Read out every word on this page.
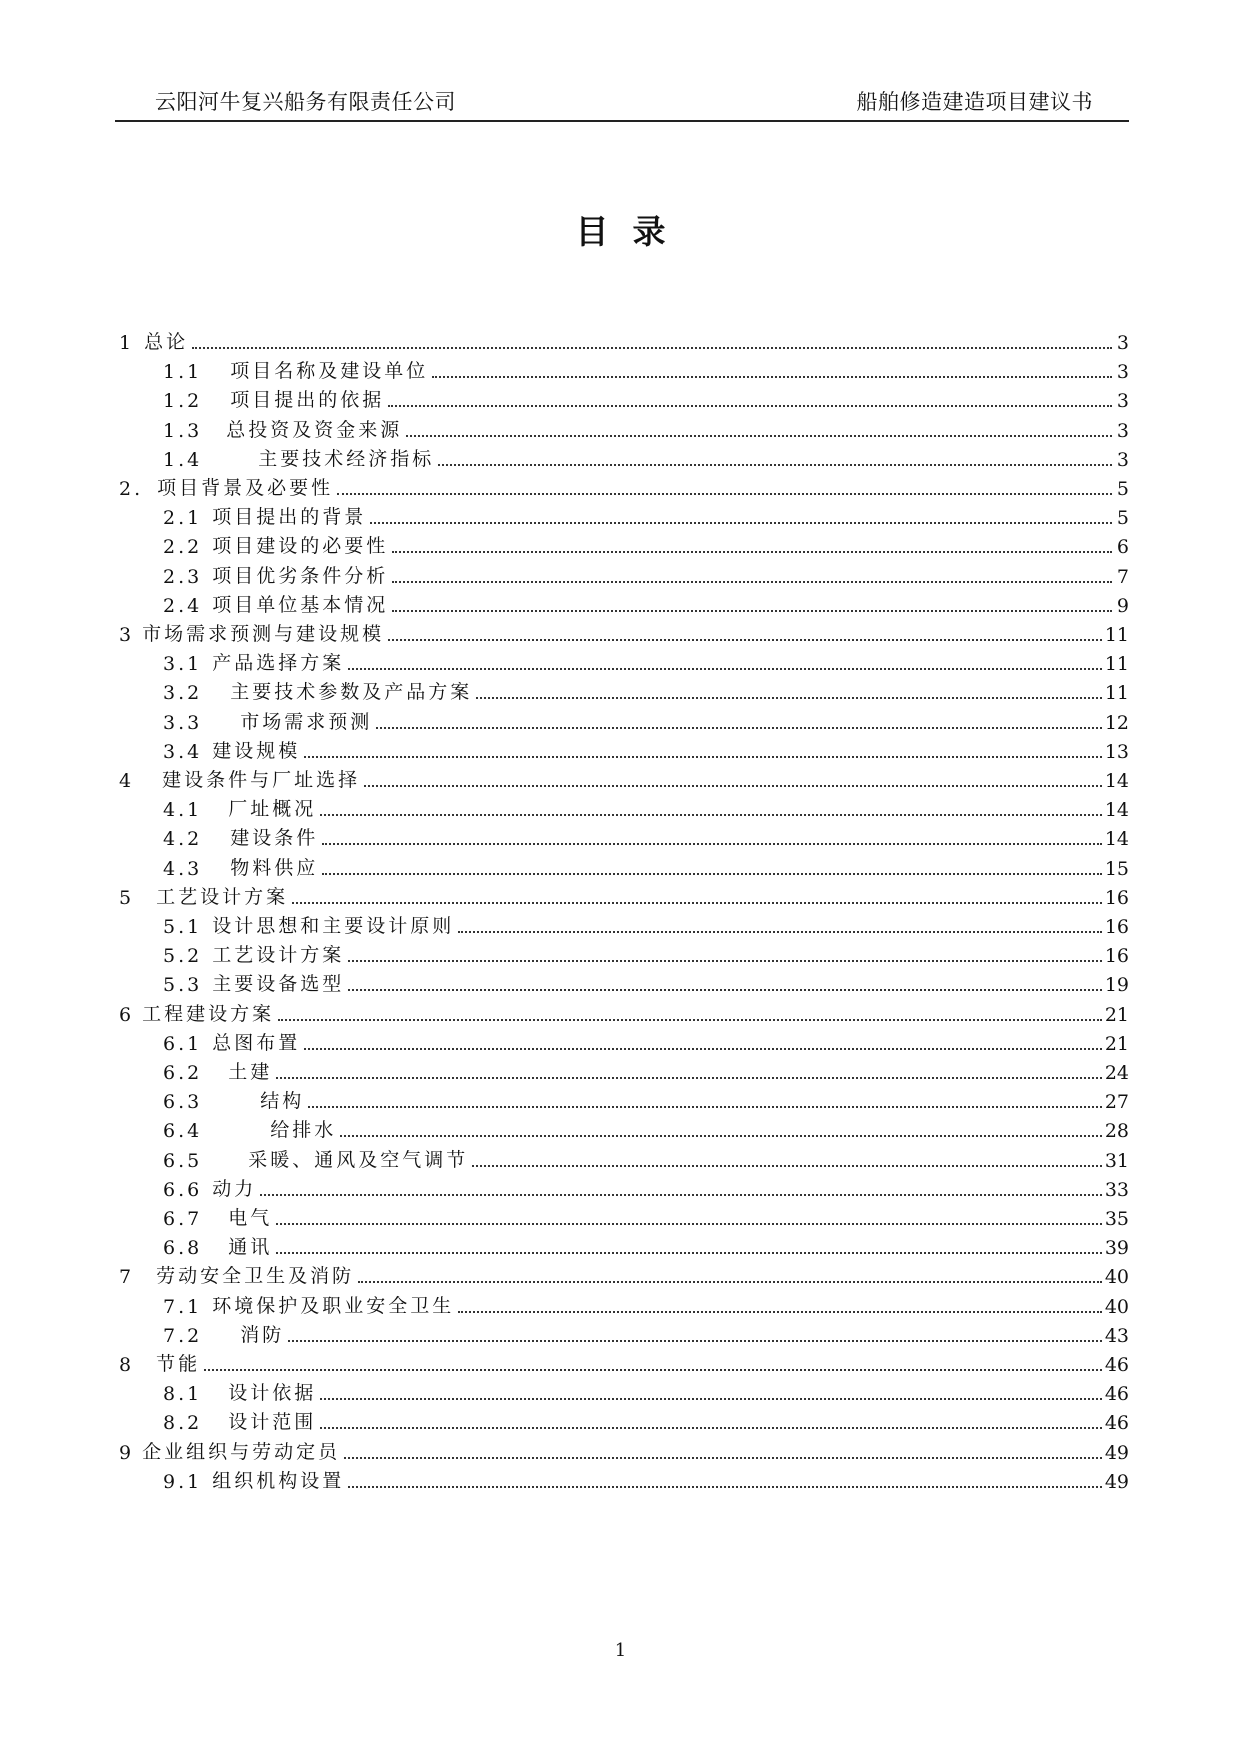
云阳河牛复兴船务有限责任公司	船舶修造建造项目建议书
目录
1 总论	3
1.1 项目名称及建设单位	3
1.2 项目提出的依据	3
1.3 总投资及资金来源	3
1.4	主要技术经济指标	3
2. 项目背景及必要性	5
2.1 项目提出的背景	5
2.2 项目建设的必要性	6
2.3 项目优劣条件分析	7
2.4 项目单位基本情况	9
3 市场需求预测与建设规模	11
3.1 产品选择方案	11
3.2 主要技术参数及产品方案	11
3.3 市场需求预测	12
3.4 建设规模	13
4 建设条件与厂址选择	14
4.1 厂址概况	14
4.2 建设条件	14
4.3 物料供应	15
5 工艺设计方案	16
5.1 设计思想和主要设计原则	16
5.2 工艺设计方案	16
5.3 主要设备选型	19
6 工程建设方案	21
6.1 总图布置	21
6.2 土建	24
6.3	结构	27
6.4	给排水	28
6.5 采暖、通风及空气调节	31
6.6 动力	33
6.7 电气	35
6.8 通讯	39
7 劳动安全卫生及消防	40
7.1 环境保护及职业安全卫生	40
7.2 消防	43
8 节能	46
8.1 设计依据	46
8.2 设计范围	46
9 企业组织与劳动定员	49
9.1 组织机构设置	49
1
